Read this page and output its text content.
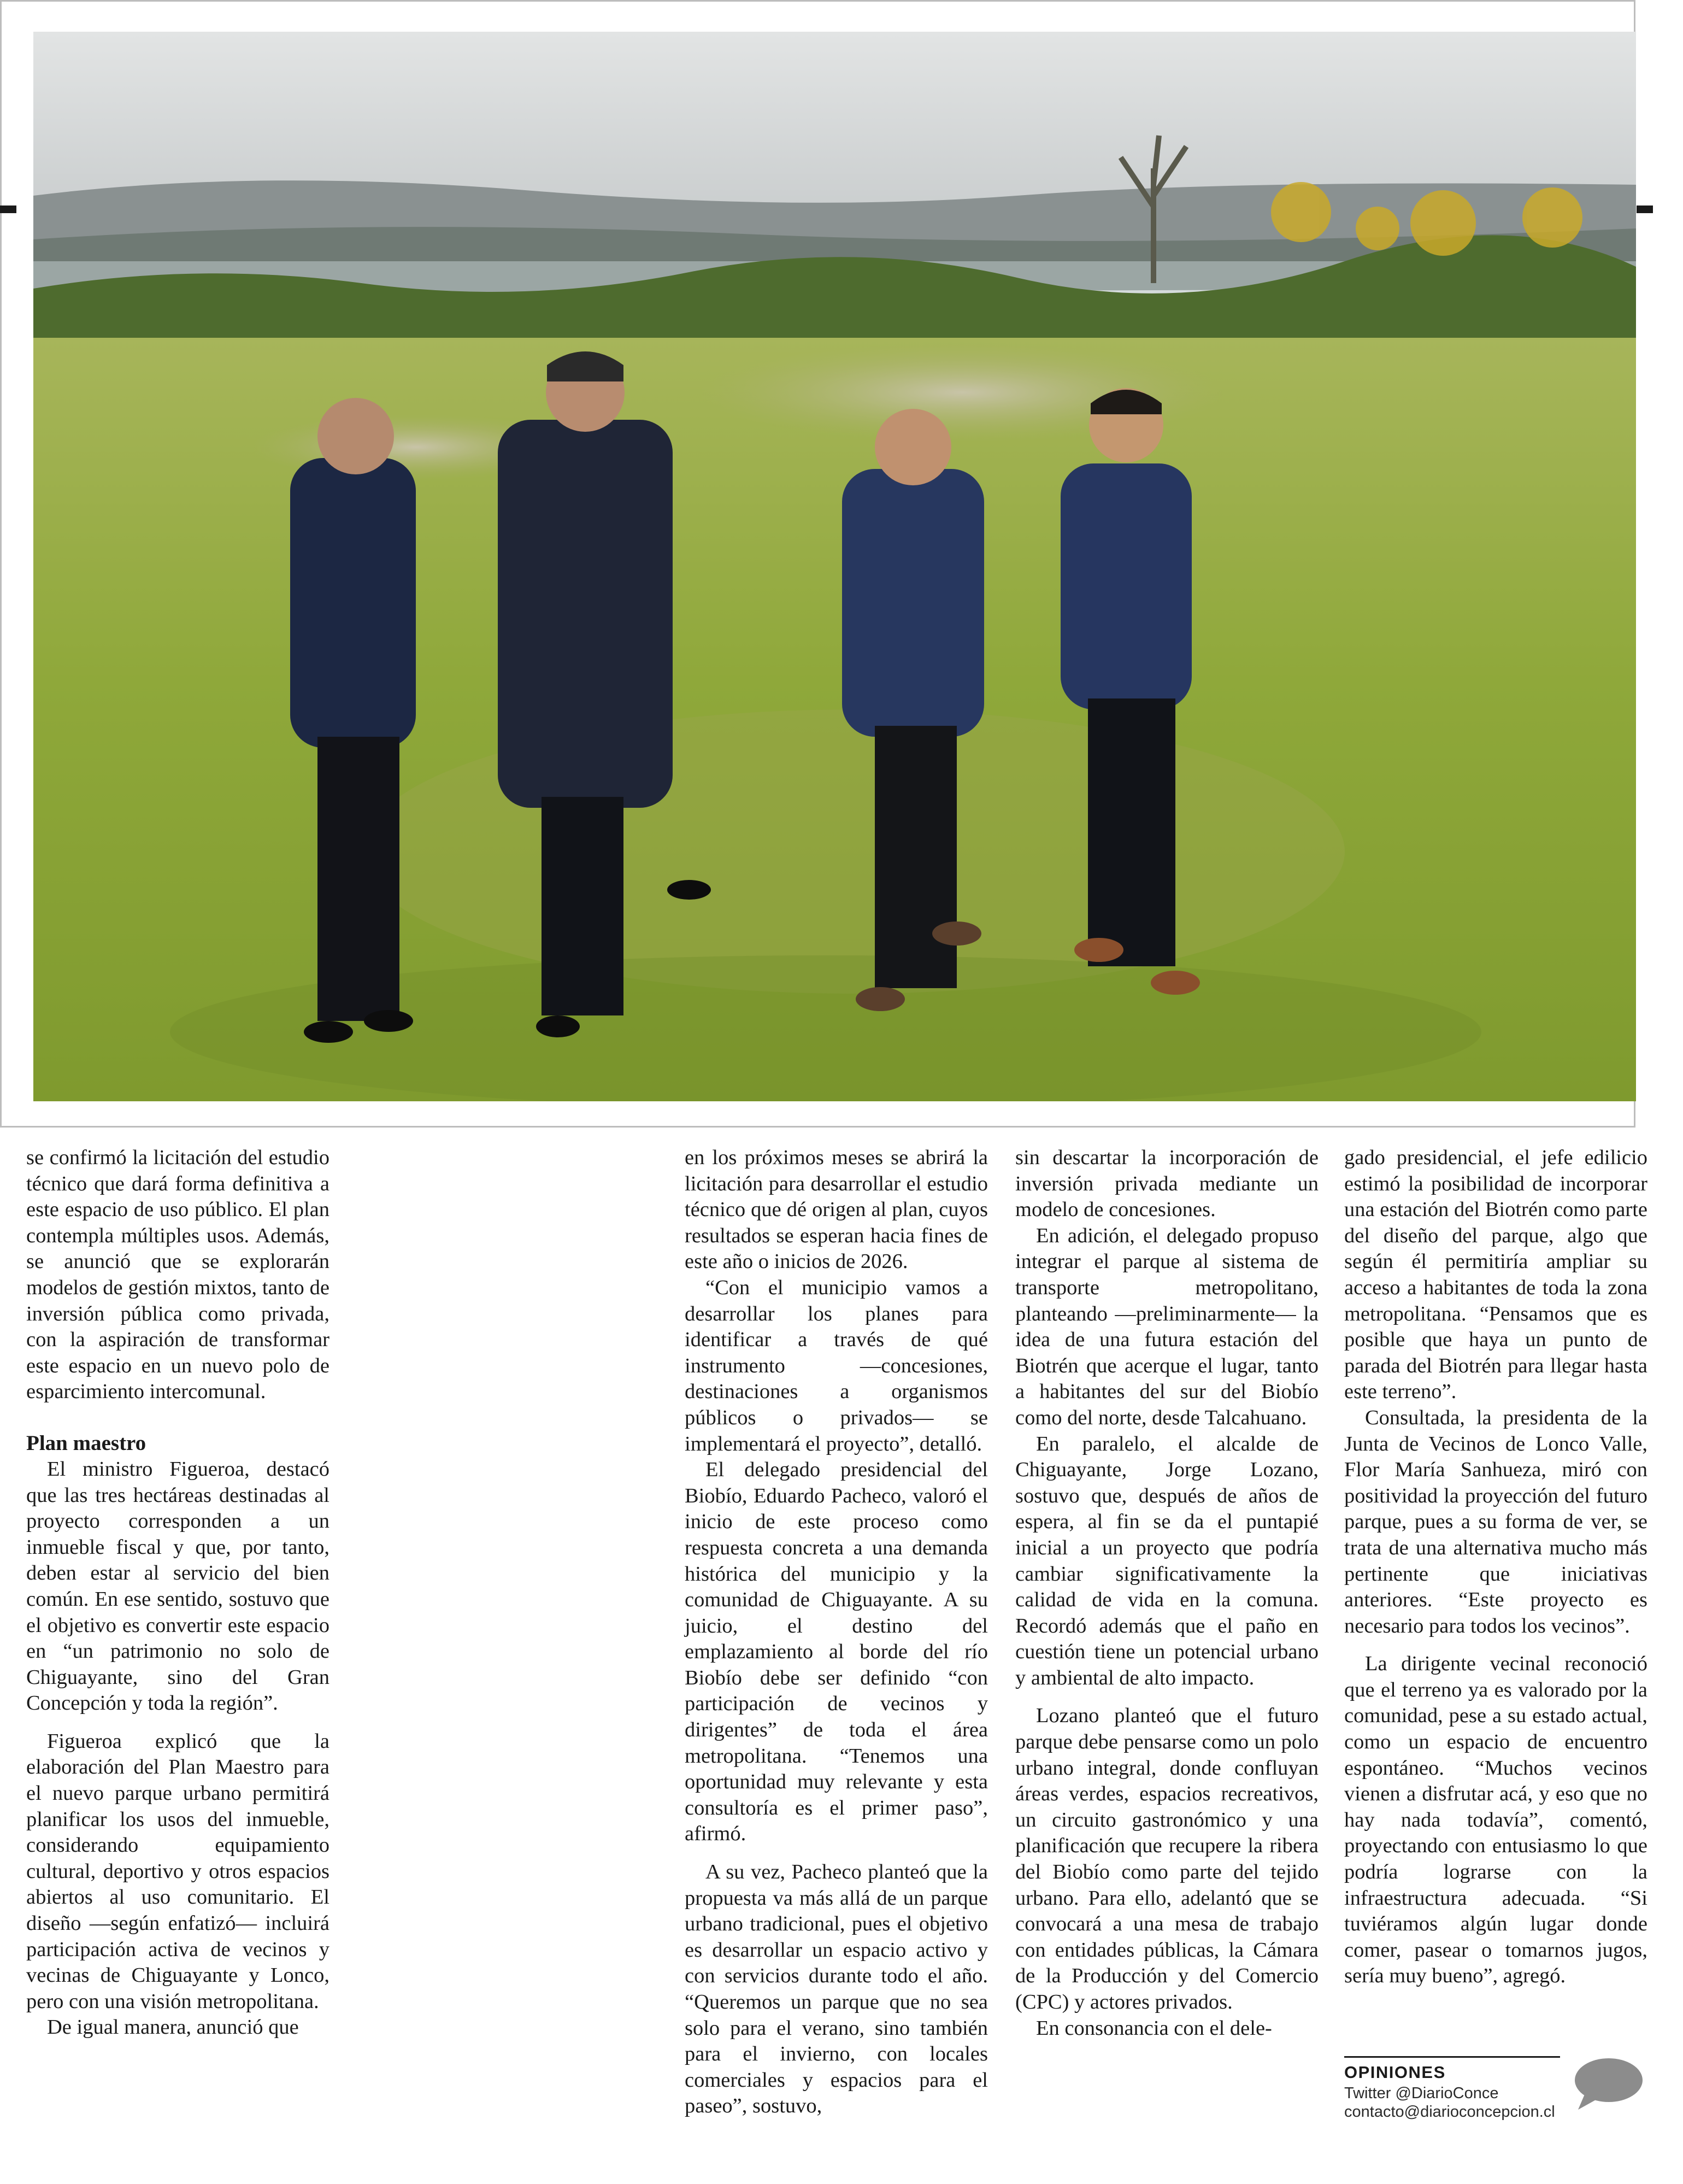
se confirmó la licitación del estudio técnico que dará forma definitiva a este espacio de uso público. El plan contempla múltiples usos. Además, se anunció que se explorarán modelos de gestión mixtos, tanto de inversión pública como privada, con la aspiración de transformar este espacio en un nuevo polo de esparcimiento intercomunal.

Plan maestro

El ministro Figueroa, destacó que las tres hectáreas destinadas al proyecto corresponden a un inmueble fiscal y que, por tanto, deben estar al servicio del bien común. En ese sentido, sostuvo que el objetivo es convertir este espacio en “un patrimonio no solo de Chiguayante, sino del Gran Concepción y toda la región”.

Figueroa explicó que la elaboración del Plan Maestro para el nuevo parque urbano permitirá planificar los usos del inmueble, considerando equipamiento cultural, deportivo y otros espacios abiertos al uso comunitario. El diseño —según enfatizó— incluirá participación activa de vecinos y vecinas de Chiguayante y Lonco, pero con una visión metropolitana.

De igual manera, anunció que

en los próximos meses se abrirá la licitación para desarrollar el estudio técnico que dé origen al plan, cuyos resultados se esperan hacia fines de este año o inicios de 2026.

“Con el municipio vamos a desarrollar los planes para identificar a través de qué instrumento —concesiones, destinaciones a organismos públicos o privados— se implementará el proyecto”, detalló.

El delegado presidencial del Biobío, Eduardo Pacheco, valoró el inicio de este proceso como respuesta concreta a una demanda histórica del municipio y la comunidad de Chiguayante. A su juicio, el destino del emplazamiento al borde del río Biobío debe ser definido “con participación de vecinos y dirigentes” de toda el área metropolitana. “Tenemos una oportunidad muy relevante y esta consultoría es el primer paso”, afirmó.

A su vez, Pacheco planteó que la propuesta va más allá de un parque urbano tradicional, pues el objetivo es desarrollar un espacio activo y con servicios durante todo el año. “Queremos un parque que no sea solo para el verano, sino también para el invierno, con locales comerciales y espacios para el paseo”, sostuvo,

sin descartar la incorporación de inversión privada mediante un modelo de concesiones.

En adición, el delegado propuso integrar el parque al sistema de transporte metropolitano, planteando —preliminarmente— la idea de una futura estación del Biotrén que acerque el lugar, tanto a habitantes del sur del Biobío como del norte, desde Talcahuano.

En paralelo, el alcalde de Chiguayante, Jorge Lozano, sostuvo que, después de años de espera, al fin se da el puntapié inicial a un proyecto que podría cambiar significativamente la calidad de vida en la comuna. Recordó además que el paño en cuestión tiene un potencial urbano y ambiental de alto impacto.

Lozano planteó que el futuro parque debe pensarse como un polo urbano integral, donde confluyan áreas verdes, espacios recreativos, un circuito gastronómico y una planificación que recupere la ribera del Biobío como parte del tejido urbano. Para ello, adelantó que se convocará a una mesa de trabajo con entidades públicas, la Cámara de la Producción y del Comercio (CPC) y actores privados.

En consonancia con el dele-

gado presidencial, el jefe edilicio estimó la posibilidad de incorporar una estación del Biotrén como parte del diseño del parque, algo que según él permitiría ampliar su acceso a habitantes de toda la zona metropolitana. “Pensamos que es posible que haya un punto de parada del Biotrén para llegar hasta este terreno”.

Consultada, la presidenta de la Junta de Vecinos de Lonco Valle, Flor María Sanhueza, miró con positividad la proyección del futuro parque, pues a su forma de ver, se trata de una alternativa mucho más pertinente que iniciativas anteriores. “Este proyecto es necesario para todos los vecinos”.

La dirigente vecinal reconoció que el terreno ya es valorado por la comunidad, pese a su estado actual, como un espacio de encuentro espontáneo. “Muchos vecinos vienen a disfrutar acá, y eso que no hay nada todavía”, comentó, proyectando con entusiasmo lo que podría lograrse con la infraestructura adecuada. “Si tuviéramos algún lugar donde comer, pasear o tomarnos jugos, sería muy bueno”, agregó.

OPINIONES
Twitter @DiarioConce
contacto@diarioconcepcion.cl
